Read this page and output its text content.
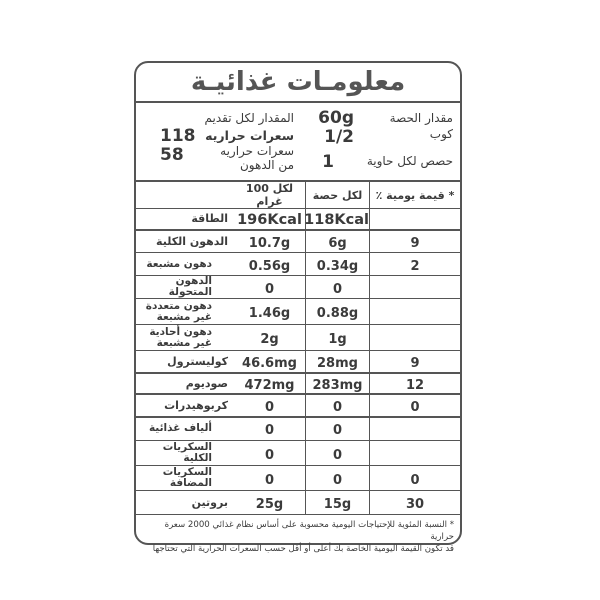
معلومـات غذائيـة
مقدار الحصة
60g
كوب
1/2
حصص لكل حاوية
1
المقدار لكل تقديم
سعرات حراريه
118
سعرات حراريه
من الدهون
58
* قيمة يومية ٪	لكل حصة	لكل 100 غرام	
	118Kcal	196Kcal	الطاقة

9	6g	10.7g	الدهون الكلية

2	0.34g	0.56g	دهون مشبعة

	0	0	الدهون المتحولة

	0.88g	1.46g	دهون متعددة
غير مشبعة

	1g	2g	دهون أحادية
غير مشبعة

9	28mg	46.6mg	كوليسترول

12	283mg	472mg	صوديوم

0	0	0	كربوهيدرات

	0	0	ألياف غذائية

	0	0	السكريات
الكلية

0	0	0	السكريات
المضافة

30	15g	25g	بروتين
* النسبة المئوية للإحتياجات اليومية محسوبة على أساس نظام غذائي 2000 سعرة حرارية
قد تكون القيمة اليومية الخاصة بك أعلى أو أقل حسب السعرات الحرارية التي تحتاجها
